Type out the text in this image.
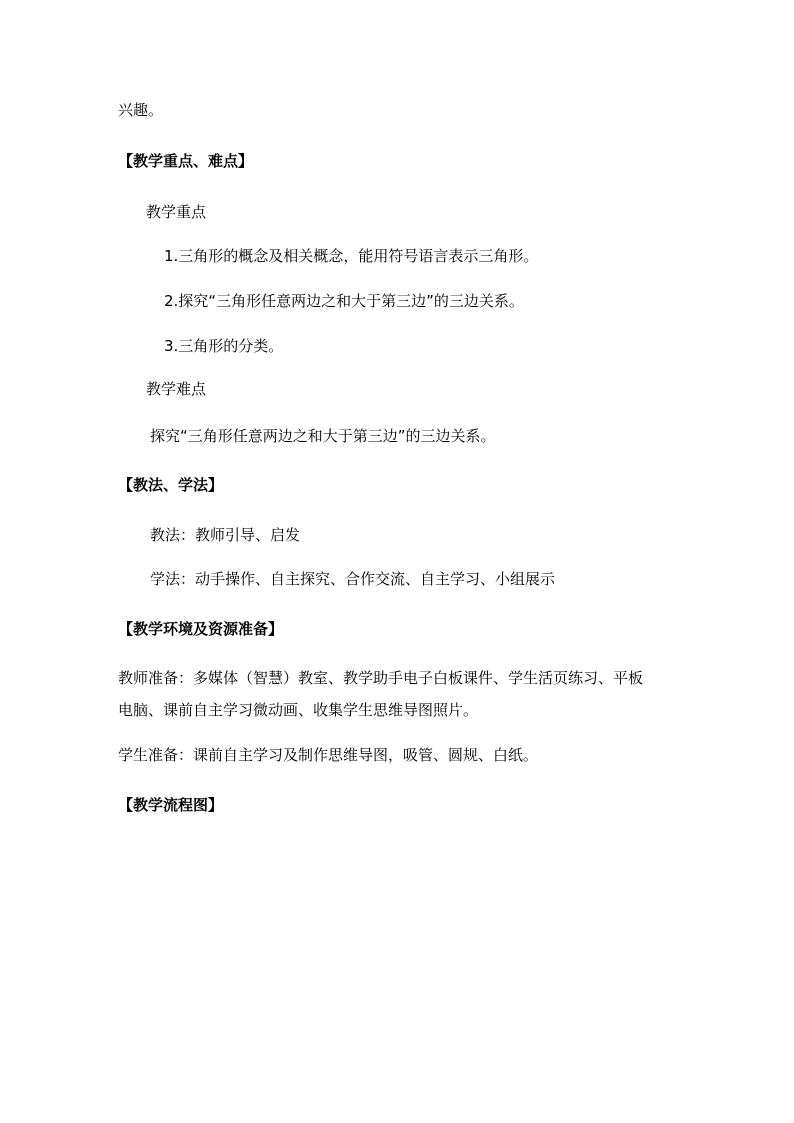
兴趣。

【教学重点、难点】

教学重点

1.三角形的概念及相关概念，能用符号语言表示三角形。

2.探究“三角形任意两边之和大于第三边”的三边关系。

3.三角形的分类。

教学难点

探究“三角形任意两边之和大于第三边”的三边关系。

【教法、学法】

教法：教师引导、启发

学法：动手操作、自主探究、合作交流、自主学习、小组展示

【教学环境及资源准备】

教师准备：多媒体（智慧）教室、教学助手电子白板课件、学生活页练习、平板

电脑、课前自主学习微动画、收集学生思维导图照片。

学生准备：课前自主学习及制作思维导图，吸管、圆规、白纸。

【教学流程图】
